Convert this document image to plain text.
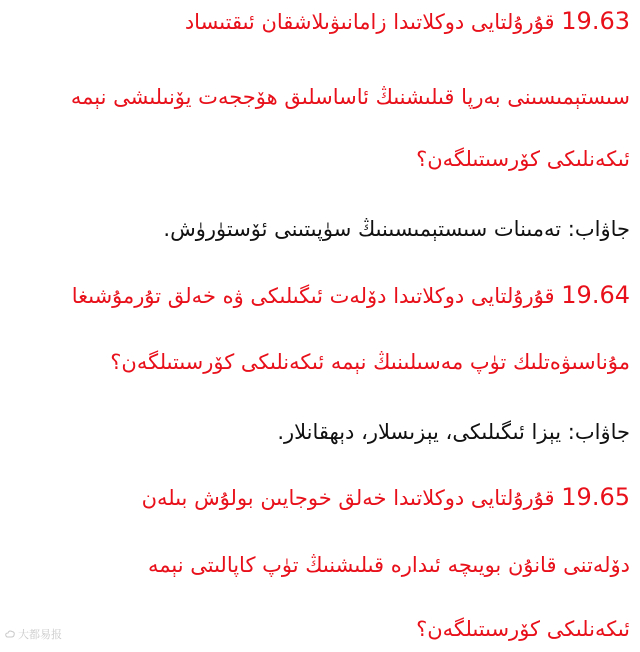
19.63 قۇرۇلتايى دوكلاتىدا زامانىۋىلاشقان ئىقتىساد
سىستېمىسىنى بەرپا قىلىشنىڭ ئاساسلىق ھۆججەت يۆنىلىشى نېمە
ئىكەنلىكى كۆرسىتىلگەن؟
جاۋاب: تەمىنات سىستېمىسىنىڭ سۈپىتىنى ئۆستۈرۈش.
19.64 قۇرۇلتايى دوكلاتىدا دۆلەت ئىگىلىكى ۋە خەلق تۇرمۇشىغا
مۇناسىۋەتلىك تۈپ مەسىلىنىڭ نېمە ئىكەنلىكى كۆرسىتىلگەن؟
جاۋاب: يېزا ئىگىلىكى، يېزىسلار، دېھقانلار.
19.65 قۇرۇلتايى دوكلاتىدا خەلق خوجايىن بولۇش بىلەن
دۆلەتنى قانۇن بويىچە ئىدارە قىلىشنىڭ تۈپ كاپالىتى نېمە
ئىكەنلىكى كۆرسىتىلگەن؟
大都易报
